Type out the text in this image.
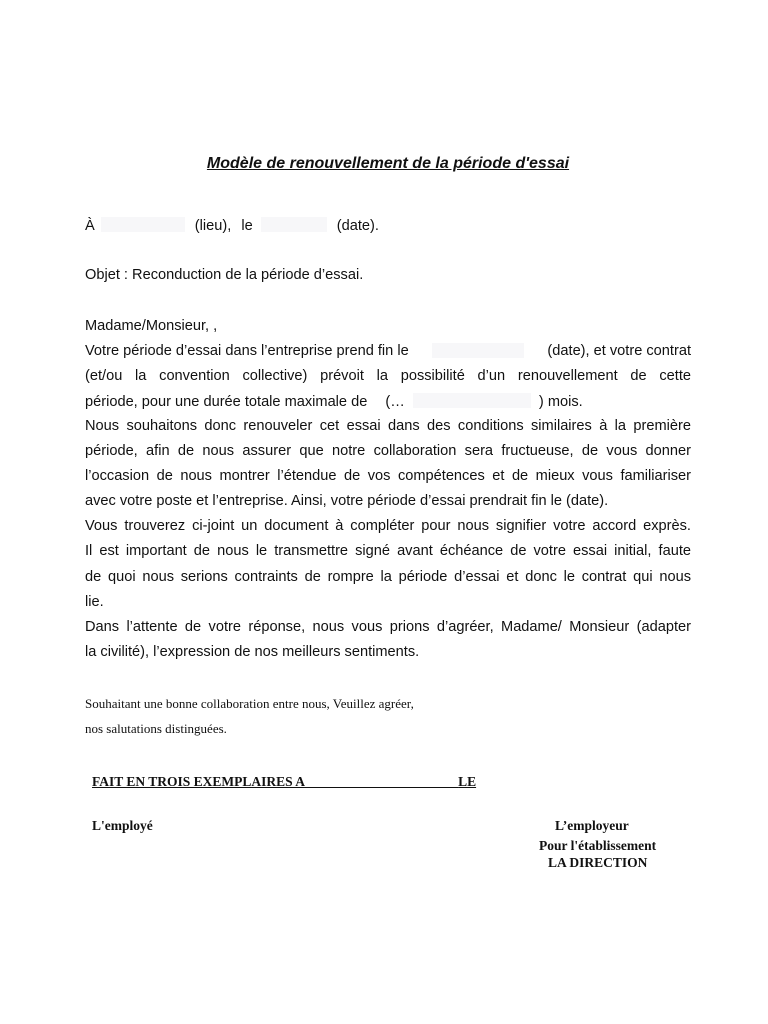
Modèle de renouvellement de la période d'essai
À	(lieu), le	(date).
Objet : Reconduction de la période d’essai.
Madame/Monsieur, ,
Votre période d’essai dans l’entreprise prend fin le	(date), et votre contrat
(et/ou la convention collective) prévoit la possibilité d’un renouvellement de cette
période, pour une durée totale maximale de (…	) mois.
Nous souhaitons donc renouveler cet essai dans des conditions similaires à la première
période, afin de nous assurer que notre collaboration sera fructueuse, de vous donner
l’occasion de nous montrer l’étendue de vos compétences et de mieux vous familiariser
avec votre poste et l’entreprise. Ainsi, votre période d’essai prendrait fin le (date).
Vous trouverez ci-joint un document à compléter pour nous signifier votre accord exprès.
Il est important de nous le transmettre signé avant échéance de votre essai initial, faute
de quoi nous serions contraints de rompre la période d’essai et donc le contrat qui nous
lie.
Dans l’attente de votre réponse, nous vous prions d’agréer, Madame/ Monsieur (adapter
la civilité), l’expression de nos meilleurs sentiments.
Souhaitant une bonne collaboration entre nous, Veuillez agréer,
nos salutations distinguées.
FAIT EN TROIS EXEMPLAIRES A	LE
L'employé	L’employeur
Pour l'établissement
LA DIRECTION
